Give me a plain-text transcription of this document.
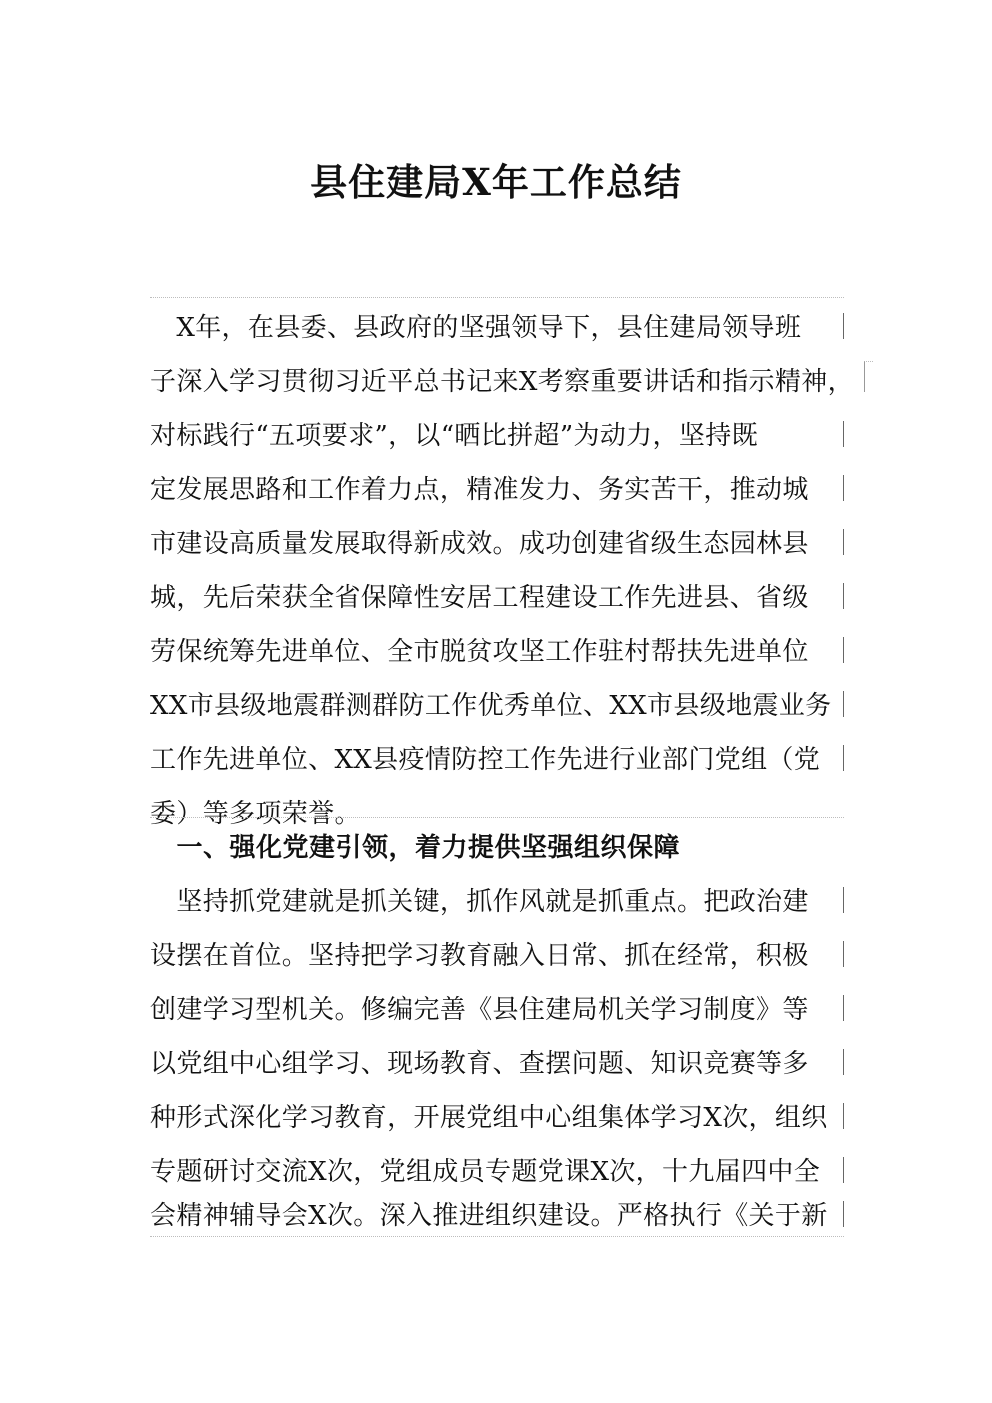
县住建局X年工作总结
　X年，在县委、县政府的坚强领导下，县住建局领导班
子深入学习贯彻习近平总书记来X考察重要讲话和指示精神，
对标践行“五项要求”，以“晒比拼超”为动力，坚持既
定发展思路和工作着力点，精准发力、务实苦干，推动城
市建设高质量发展取得新成效。成功创建省级生态园林县
城，先后荣获全省保障性安居工程建设工作先进县、省级
劳保统筹先进单位、全市脱贫攻坚工作驻村帮扶先进单位
XX市县级地震群测群防工作优秀单位、XX市县级地震业务
工作先进单位、XX县疫情防控工作先进行业部门党组（党
委）等多项荣誉。
　一、强化党建引领，着力提供坚强组织保障
　坚持抓党建就是抓关键，抓作风就是抓重点。把政治建
设摆在首位。坚持把学习教育融入日常、抓在经常，积极
创建学习型机关。修编完善《县住建局机关学习制度》等
以党组中心组学习、现场教育、查摆问题、知识竞赛等多
种形式深化学习教育，开展党组中心组集体学习X次，组织
专题研讨交流X次，党组成员专题党课X次，十九届四中全
会精神辅导会X次。深入推进组织建设。严格执行《关于新
